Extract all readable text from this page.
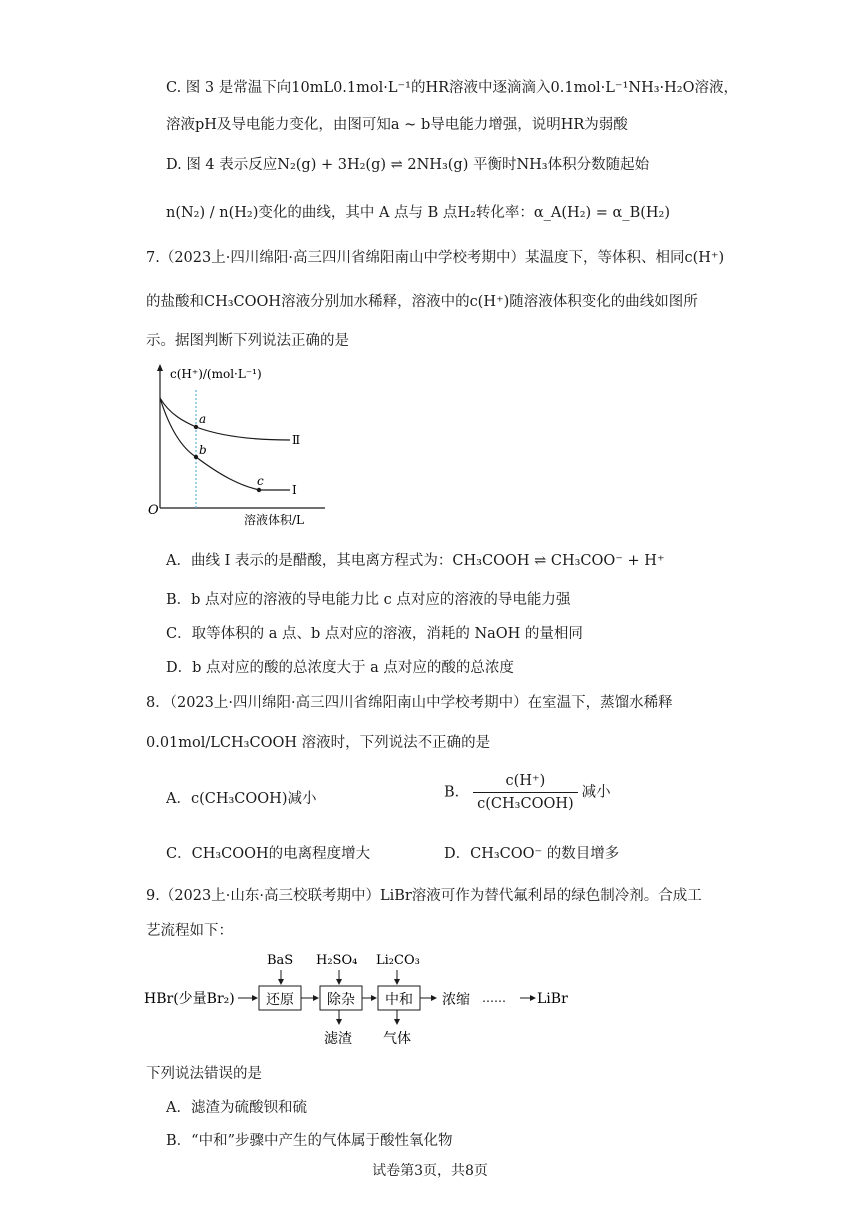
C. 图 3 是常温下向10mL0.1mol·L⁻¹的HR溶液中逐滴滴入0.1mol·L⁻¹NH₃·H₂O溶液，
溶液pH及导电能力变化，由图可知a ~ b导电能力增强，说明HR为弱酸
D. 图 4 表示反应N₂(g) + 3H₂(g) ⇌ 2NH₃(g) 平衡时NH₃体积分数随起始
n(N₂) / n(H₂)变化的曲线，其中 A 点与 B 点H₂转化率：α_A(H₂) = α_B(H₂)
7.（2023上·四川绵阳·高三四川省绵阳南山中学校考期中）某温度下，等体积、相同c(H⁺)
的盐酸和CH₃COOH溶液分别加水稀释，溶液中的c(H⁺)随溶液体积变化的曲线如图所
示。据图判断下列说法正确的是
c(H⁺)/(mol·L⁻¹)
O
溶液体积/L
a
b
c
Ⅱ
Ⅰ
A．曲线 I 表示的是醋酸，其电离方程式为：CH₃COOH ⇌ CH₃COO⁻ + H⁺
B．b 点对应的溶液的导电能力比 c 点对应的溶液的导电能力强
C．取等体积的 a 点、b 点对应的溶液，消耗的 NaOH 的量相同
D．b 点对应的酸的总浓度大于 a 点对应的酸的总浓度
8．（2023上·四川绵阳·高三四川省绵阳南山中学校考期中）在室温下，蒸馏水稀释
0.01mol/LCH₃COOH 溶液时，下列说法不正确的是
A．c(CH₃COOH)减小	B． $\frac{c(H^+)}{\text{c(CH₃COOH)}}$ 减小
C．CH₃COOH的电离程度增大	D．CH₃COO⁻ 的数目增多
9.（2023上·山东·高三校联考期中）LiBr溶液可作为替代氟利昂的绿色制冷剂。合成工
艺流程如下：
BaS H₂SO₄ Li₂CO₃
HBr(少量Br₂) 还原 除杂 中和 浓缩 …… LiBr
滤渣 气体
下列说法错误的是
A．滤渣为硫酸钡和硫
B．“中和”步骤中产生的气体属于酸性氧化物
试卷第3页，共8页
